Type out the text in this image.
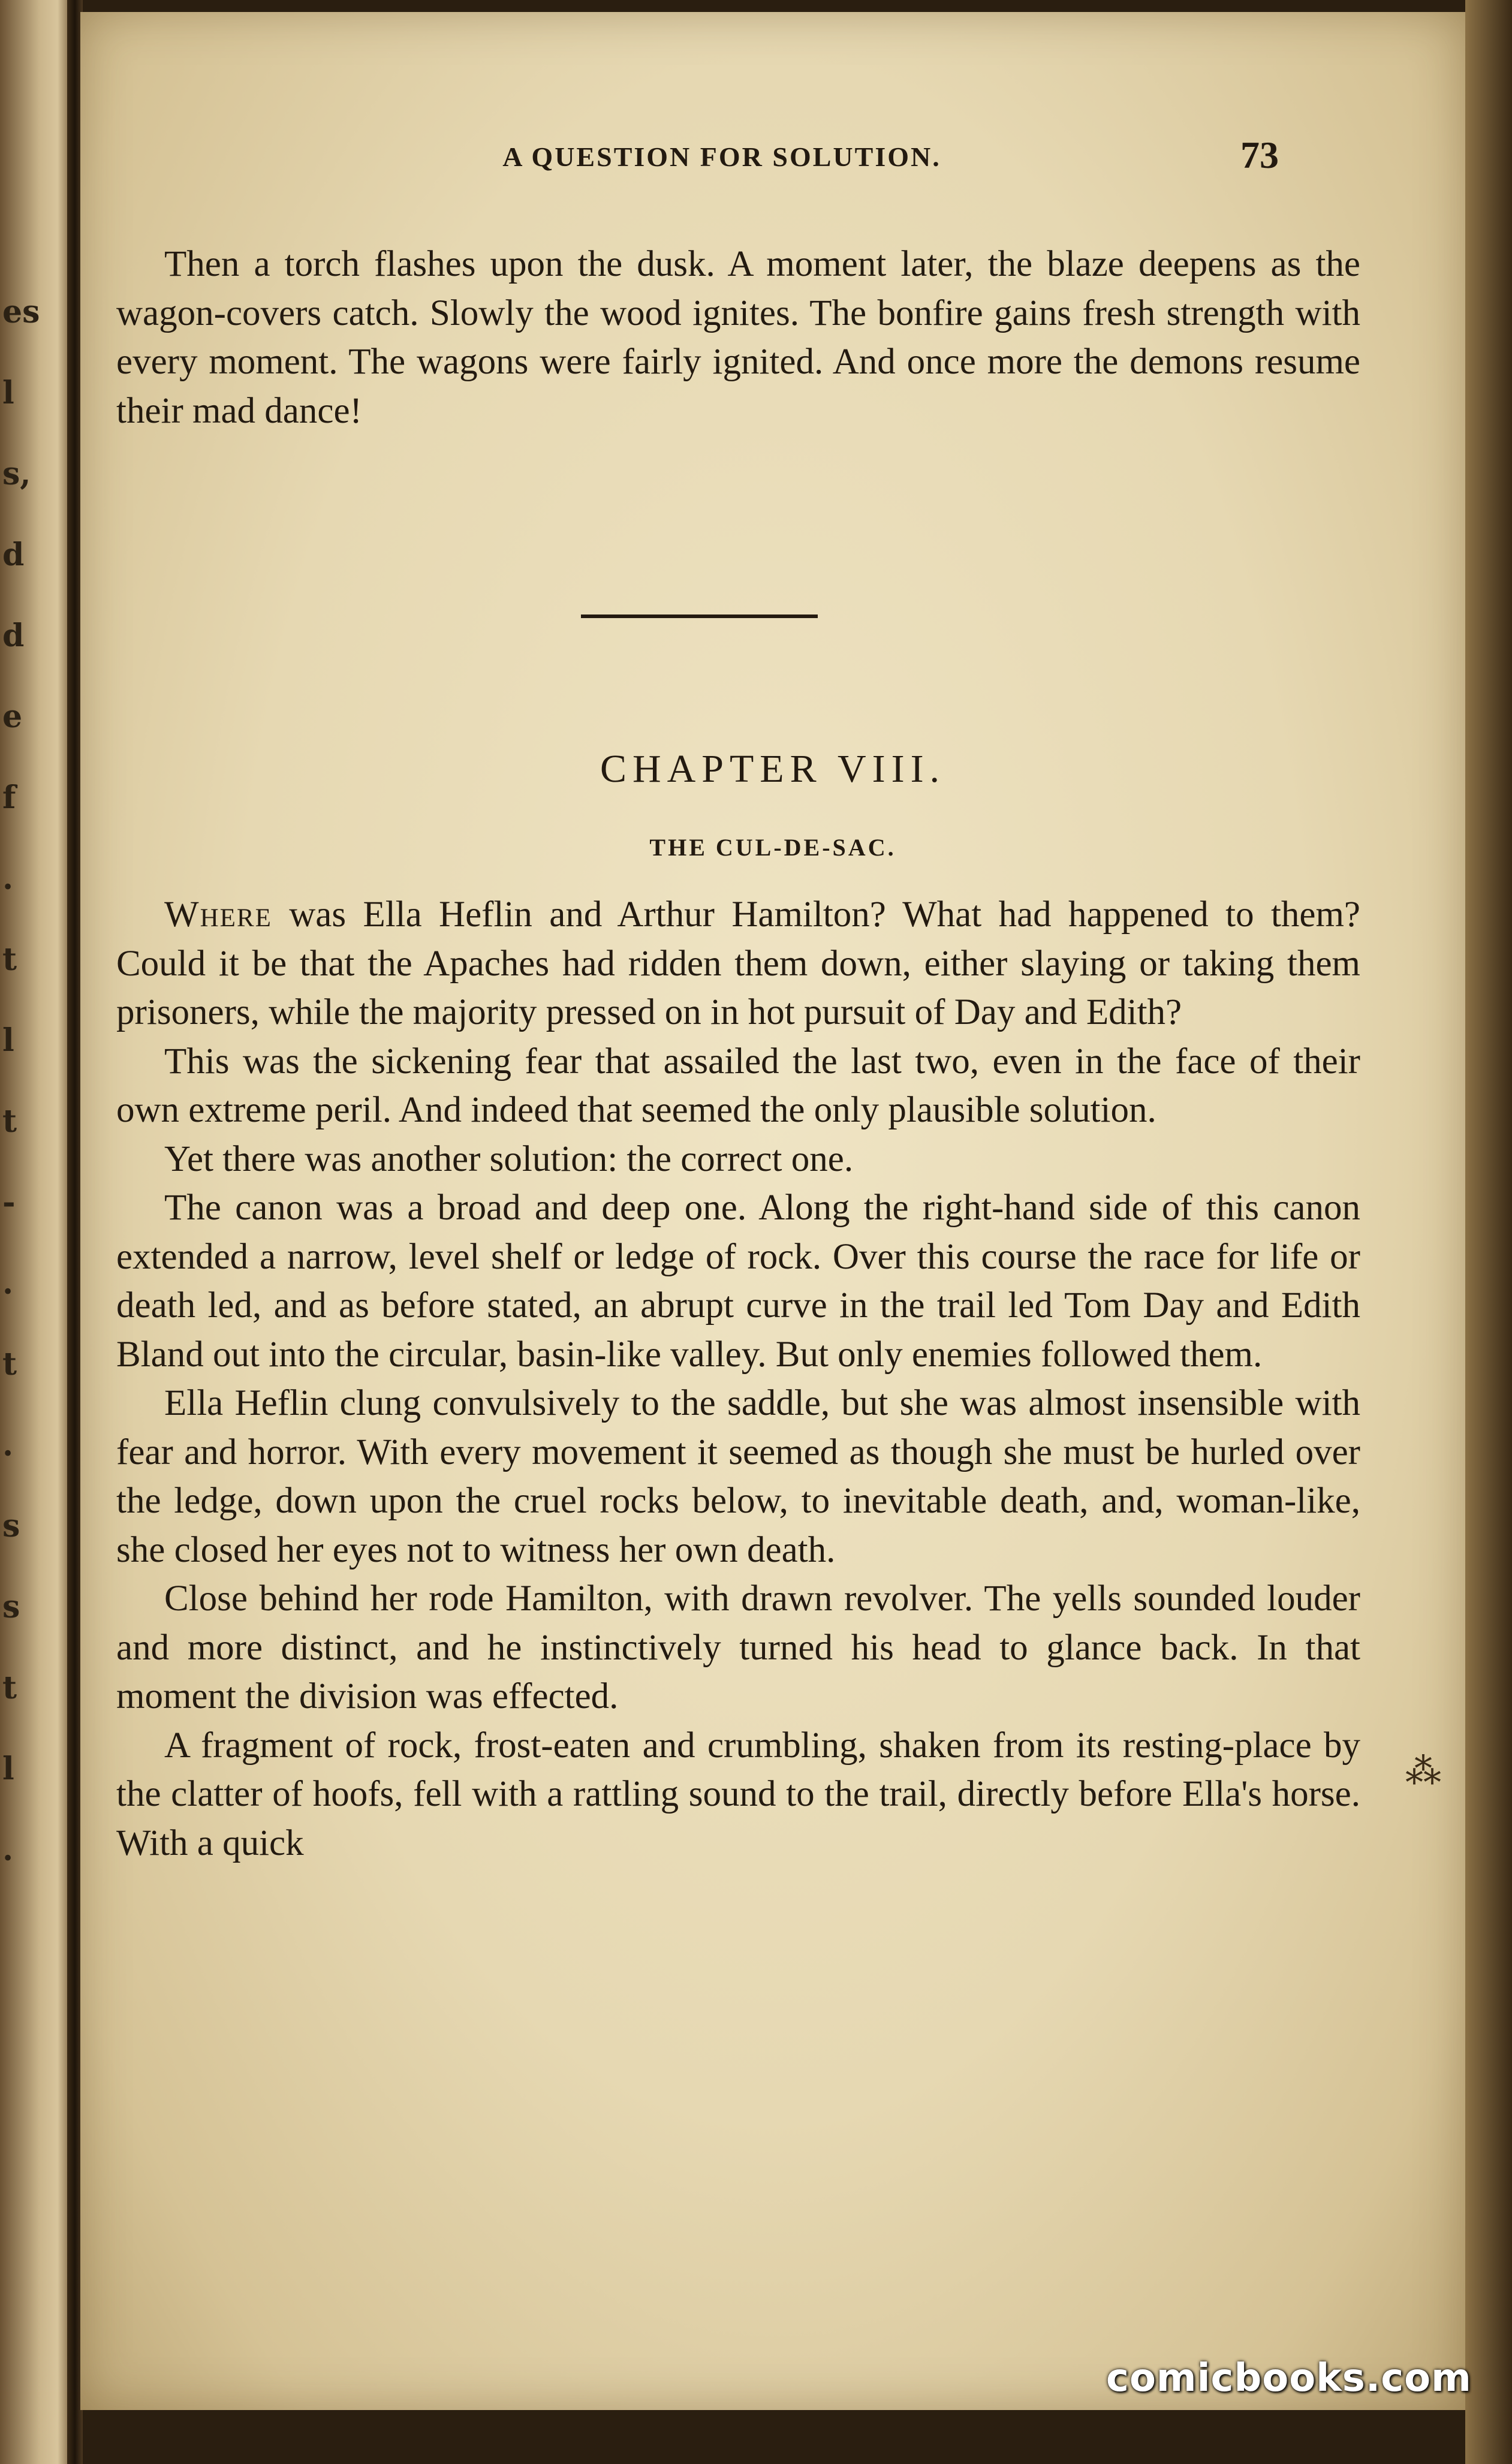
es
l
s,
d
d
e
f
.
t
l
t
-
.
t
.
s
s
t
l
.
A QUESTION FOR SOLUTION.	73

Then a torch flashes upon the dusk. A moment later, the blaze deepens as the wagon-covers catch. Slowly the wood ignites. The bonfire gains fresh strength with every moment. The wagons were fairly ignited. And once more the demons resume their mad dance!

CHAPTER VIII.
THE CUL-DE-SAC.

Where was Ella Heflin and Arthur Hamilton? What had happened to them? Could it be that the Apaches had ridden them down, either slaying or taking them prisoners, while the majority pressed on in hot pursuit of Day and Edith?

This was the sickening fear that assailed the last two, even in the face of their own extreme peril. And indeed that seemed the only plausible solution.

Yet there was another solution: the correct one.

The canon was a broad and deep one. Along the right-hand side of this canon extended a narrow, level shelf or ledge of rock. Over this course the race for life or death led, and as before stated, an abrupt curve in the trail led Tom Day and Edith Bland out into the circular, basin-like valley. But only enemies followed them.

Ella Heflin clung convulsively to the saddle, but she was almost insensible with fear and horror. With every movement it seemed as though she must be hurled over the ledge, down upon the cruel rocks below, to inevitable death, and, woman-like, she closed her eyes not to witness her own death.

Close behind her rode Hamilton, with drawn revolver. The yells sounded louder and more distinct, and he instinctively turned his head to glance back. In that moment the division was effected.

A fragment of rock, frost-eaten and crumbling, shaken from its resting-place by the clatter of hoofs, fell with a rattling sound to the trail, directly before Ella's horse. With a quick

⁂
comicbooks.com
